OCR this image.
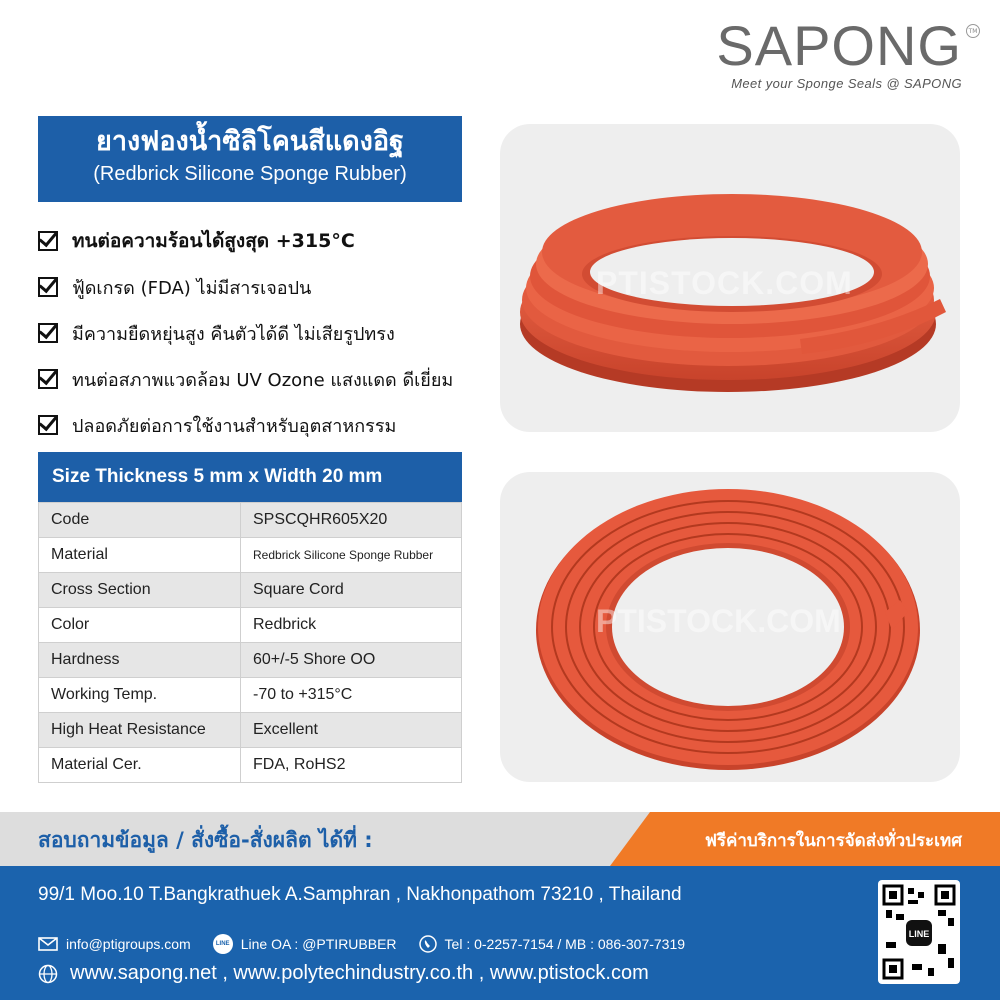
SAPONG	TM
Meet your Sponge Seals @ SAPONG
ยางฟองน้ำซิลิโคนสีแดงอิฐ
(Redbrick Silicone Sponge Rubber)
ทนต่อความร้อนได้สูงสุด +315°C
ฟู้ดเกรด (FDA) ไม่มีสารเจอปน
มีความยืดหยุ่นสูง คืนตัวได้ดี ไม่เสียรูปทรง
ทนต่อสภาพแวดล้อม UV Ozone แสงแดด ดีเยี่ยม
ปลอดภัยต่อการใช้งานสำหรับอุตสาหกรรม
Size Thickness 5 mm x Width 20 mm
Code	SPSCQHR605X20
Material	Redbrick Silicone Sponge Rubber
Cross Section	Square Cord
Color	Redbrick
Hardness	60+/-5 Shore OO
Working Temp.	-70 to +315°C
High Heat Resistance	Excellent
Material Cer.	FDA, RoHS2
PTISTOCK.COM
PTISTOCK.COM
สอบถามข้อมูล / สั่งซื้อ-สั่งผลิต ได้ที่ :	ฟรีค่าบริการในการจัดส่งทั่วประเทศ
99/1 Moo.10 T.Bangkrathuek A.Samphran , Nakhonpathom 73210 , Thailand
info@ptigroups.com	LINE Line OA : @PTIRUBBER	Tel : 0-2257-7154 / MB : 086-307-7319
www.sapong.net , www.polytechindustry.co.th , www.ptistock.com
LINE
